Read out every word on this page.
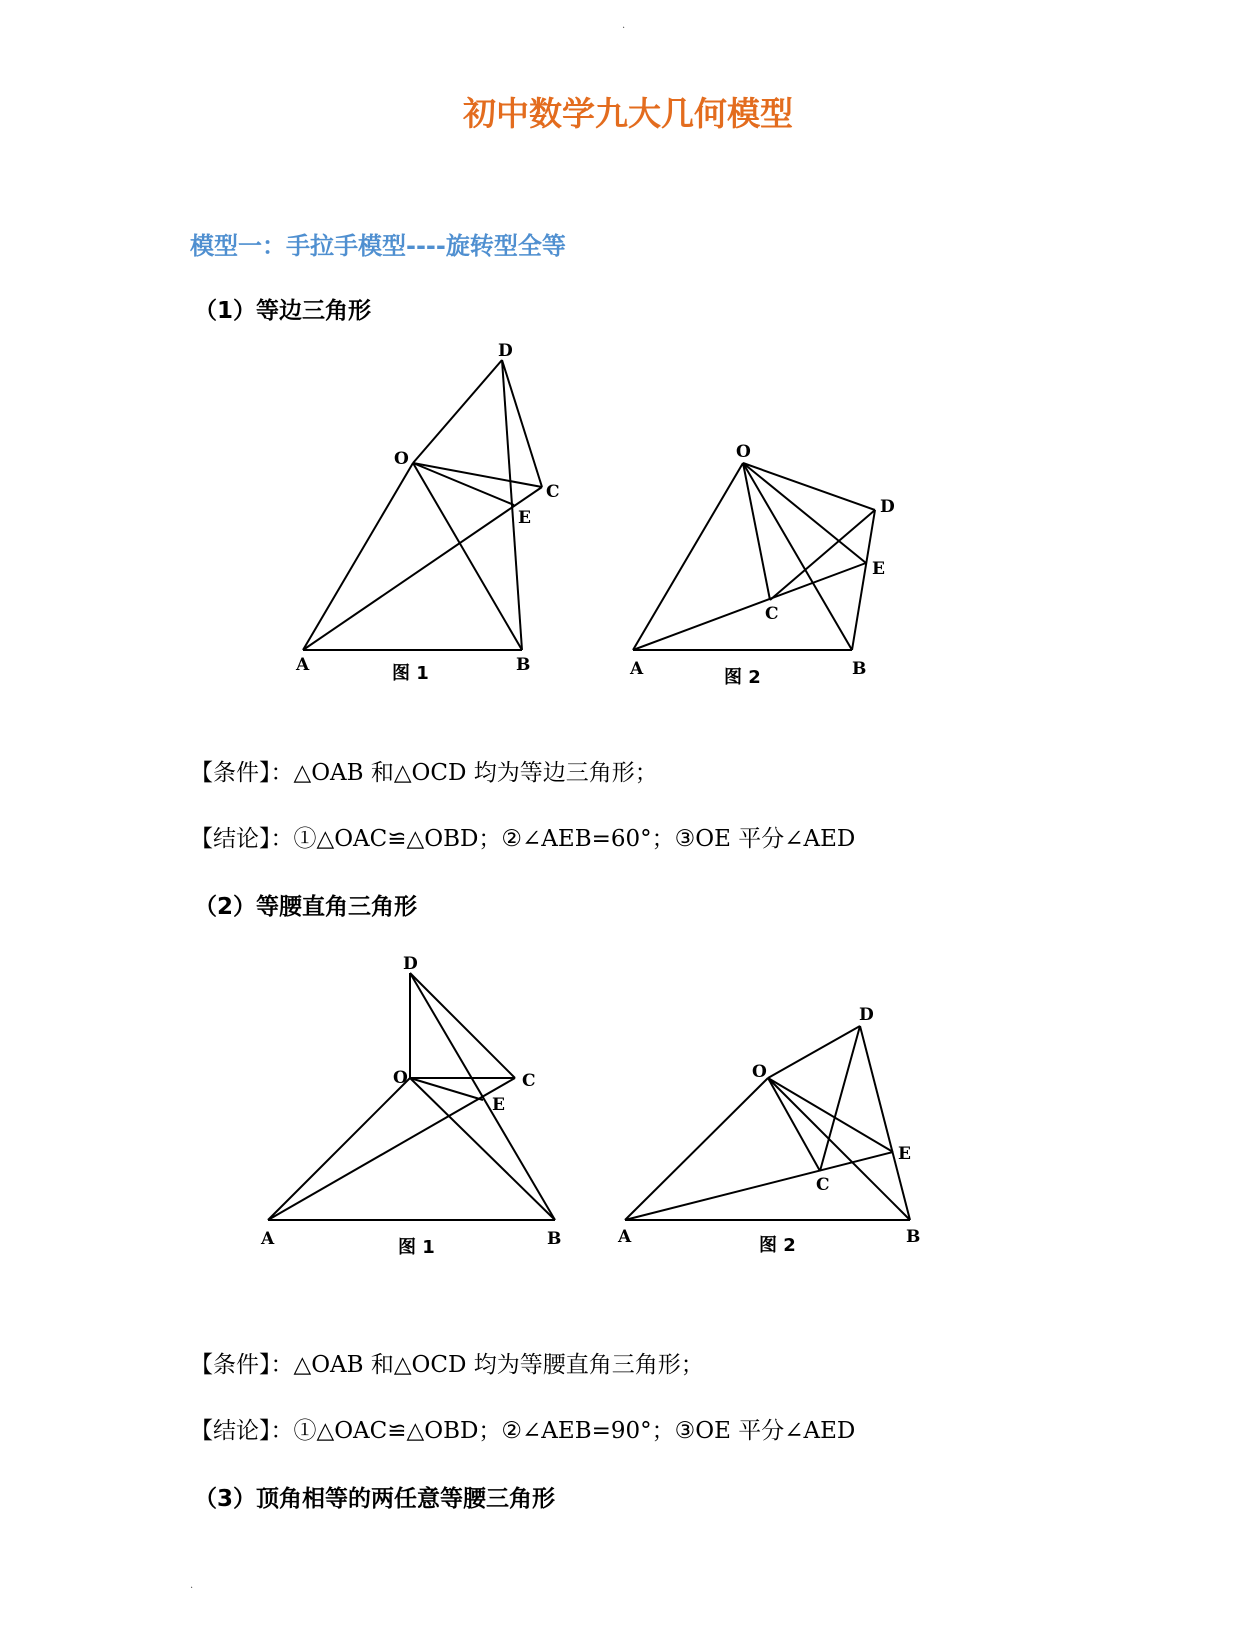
.

初中数学九大几何模型
模型一：手拉手模型----旋转型全等
（1）等边三角形
D
O
C
E
A	B
图 1
O
D
E
C
A	B
图 2

【条件】：△OAB 和△OCD 均为等边三角形；

【结论】：①△OAC≌△OBD；②∠AEB=60°；③OE 平分∠AED

（2）等腰直角三角形
D
O	C
E
A	B
图 1
D
O
E
C
A	B
图 2

【条件】：△OAB 和△OCD 均为等腰直角三角形；

【结论】：①△OAC≌△OBD；②∠AEB=90°；③OE 平分∠AED

（3）顶角相等的两任意等腰三角形

.
